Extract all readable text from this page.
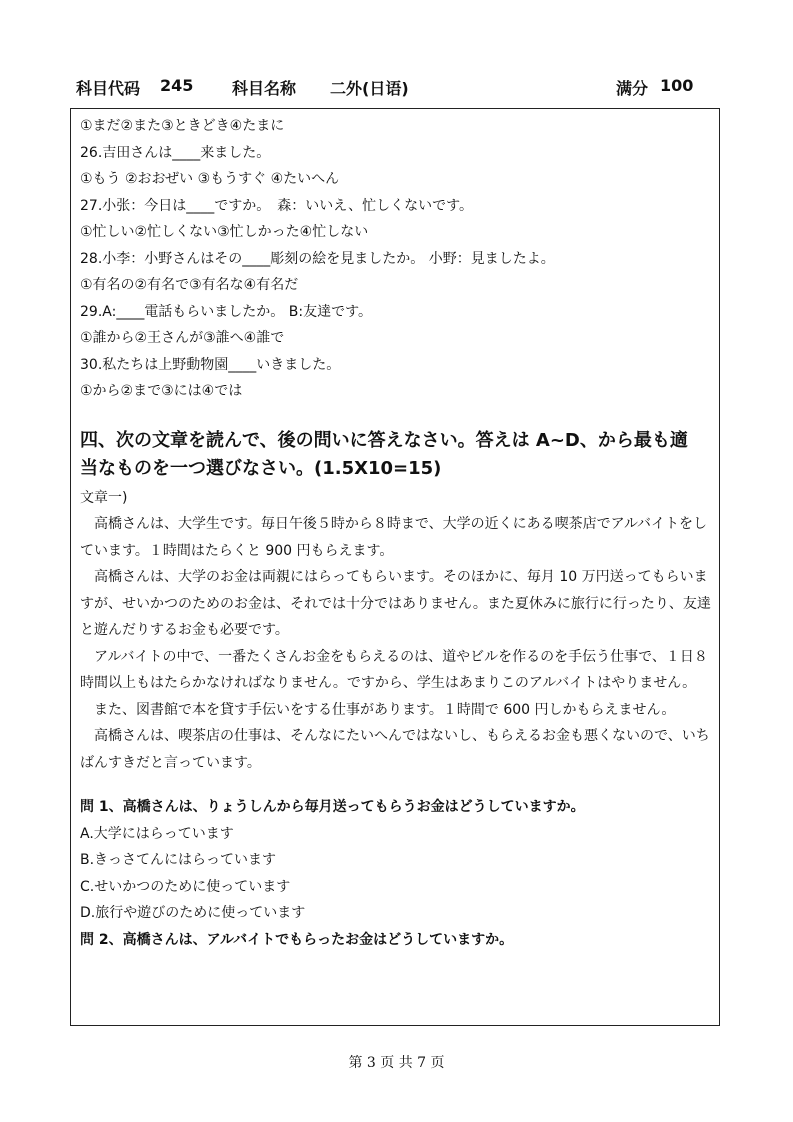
科目代码 245 科目名称 二外(日语)	满分 100
①まだ②また③ときどき④たまに
26.吉田さんは____来ました。
①もう ②おおぜい ③もうすぐ ④たいへん
27.小张：今日は____ですか。　森：いいえ、忙しくないです。
①忙しい②忙しくない③忙しかった④忙しない
28.小李：小野さんはその____彫刻の絵を見ましたか。 小野：見ましたよ。
①有名の②有名で③有名な④有名だ
29.A:____電話もらいましたか。 B:友達です。
①誰から②王さんが③誰へ④誰で
30.私たちは上野動物園____いきました。
①から②まで③には④では
四、次の文章を読んで、後の問いに答えなさい。答えは A~D、から最も適
当なものを一つ選びなさい。(1.5X10=15)
文章一)
高橋さんは、大学生です。毎日午後５時から８時まで、大学の近くにある喫茶店でアルバイトをしています。１時間はたらくと 900 円もらえます。
高橋さんは、大学のお金は両親にはらってもらいます。そのほかに、毎月 10 万円送ってもらいますが、せいかつのためのお金は、それでは十分ではありません。また夏休みに旅行に行ったり、友達と遊んだりするお金も必要です。
アルバイトの中で、一番たくさんお金をもらえるのは、道やビルを作るのを手伝う仕事で、１日８時間以上もはたらかなければなりません。ですから、学生はあまりこのアルバイトはやりません。
また、図書館で本を貸す手伝いをする仕事があります。１時間で 600 円しかもらえません。
高橋さんは、喫茶店の仕事は、そんなにたいへんではないし、もらえるお金も悪くないので、いちばんすきだと言っています。
問 1、高橋さんは、りょうしんから毎月送ってもらうお金はどうしていますか。
A.大学にはらっています
B.きっさてんにはらっています
C.せいかつのために使っています
D.旅行や遊びのために使っています
問 2、高橋さんは、アルバイトでもらったお金はどうしていますか。
第 3 页 共 7 页
